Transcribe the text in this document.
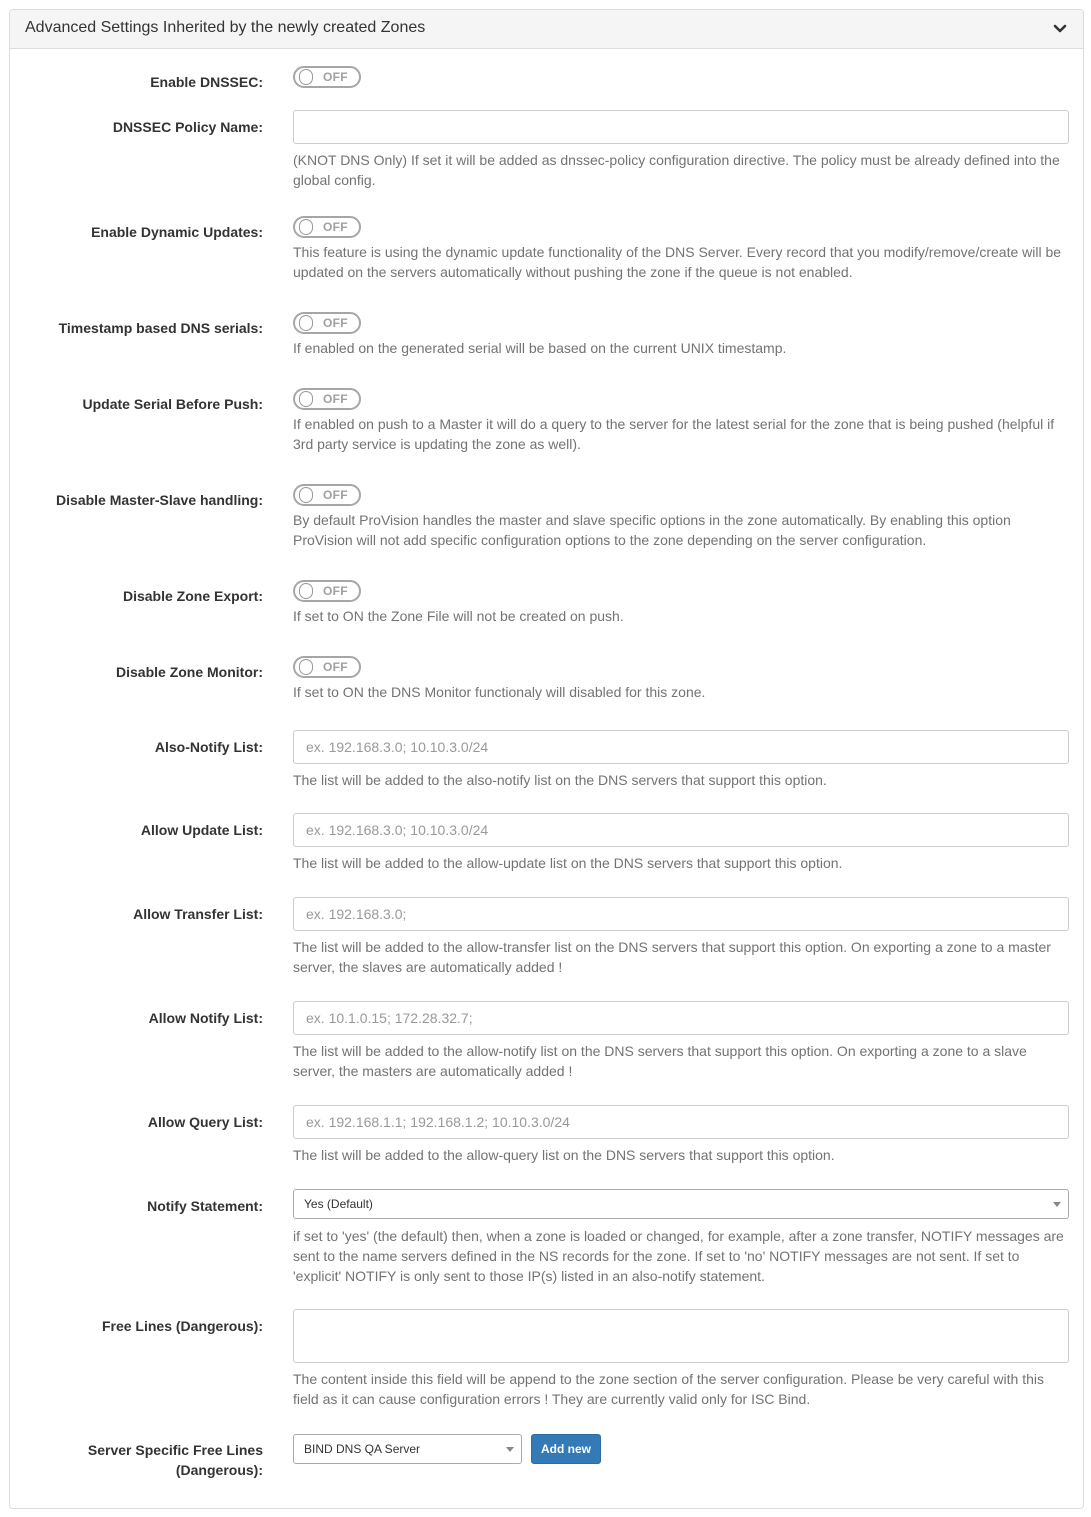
Advanced Settings Inherited by the newly created Zones
Enable DNSSEC:	OFF
DNSSEC Policy Name:
(KNOT DNS Only) If set it will be added as dnssec-policy configuration directive. The policy must be already defined into the global config.
Enable Dynamic Updates:	OFF
This feature is using the dynamic update functionality of the DNS Server. Every record that you modify/remove/create will be updated on the servers automatically without pushing the zone if the queue is not enabled.
Timestamp based DNS serials:	OFF
If enabled on the generated serial will be based on the current UNIX timestamp.
Update Serial Before Push:	OFF
If enabled on push to a Master it will do a query to the server for the latest serial for the zone that is being pushed (helpful if 3rd party service is updating the zone as well).
Disable Master-Slave handling:	OFF
By default ProVision handles the master and slave specific options in the zone automatically. By enabling this option ProVision will not add specific configuration options to the zone depending on the server configuration.
Disable Zone Export:	OFF
If set to ON the Zone File will not be created on push.
Disable Zone Monitor:	OFF
If set to ON the DNS Monitor functionaly will disabled for this zone.
Also-Notify List:	ex. 192.168.3.0; 10.10.3.0/24
The list will be added to the also-notify list on the DNS servers that support this option.
Allow Update List:	ex. 192.168.3.0; 10.10.3.0/24
The list will be added to the allow-update list on the DNS servers that support this option.
Allow Transfer List:	ex. 192.168.3.0;
The list will be added to the allow-transfer list on the DNS servers that support this option. On exporting a zone to a master server, the slaves are automatically added !
Allow Notify List:	ex. 10.1.0.15; 172.28.32.7;
The list will be added to the allow-notify list on the DNS servers that support this option. On exporting a zone to a slave server, the masters are automatically added !
Allow Query List:	ex. 192.168.1.1; 192.168.1.2; 10.10.3.0/24
The list will be added to the allow-query list on the DNS servers that support this option.
Notify Statement:	Yes (Default)
if set to 'yes' (the default) then, when a zone is loaded or changed, for example, after a zone transfer, NOTIFY messages are sent to the name servers defined in the NS records for the zone. If set to 'no' NOTIFY messages are not sent. If set to 'explicit' NOTIFY is only sent to those IP(s) listed in an also-notify statement.
Free Lines (Dangerous):
The content inside this field will be append to the zone section of the server configuration. Please be very careful with this field as it can cause configuration errors ! They are currently valid only for ISC Bind.
Server Specific Free Lines
(Dangerous):
BIND DNS QA Server	Add new
